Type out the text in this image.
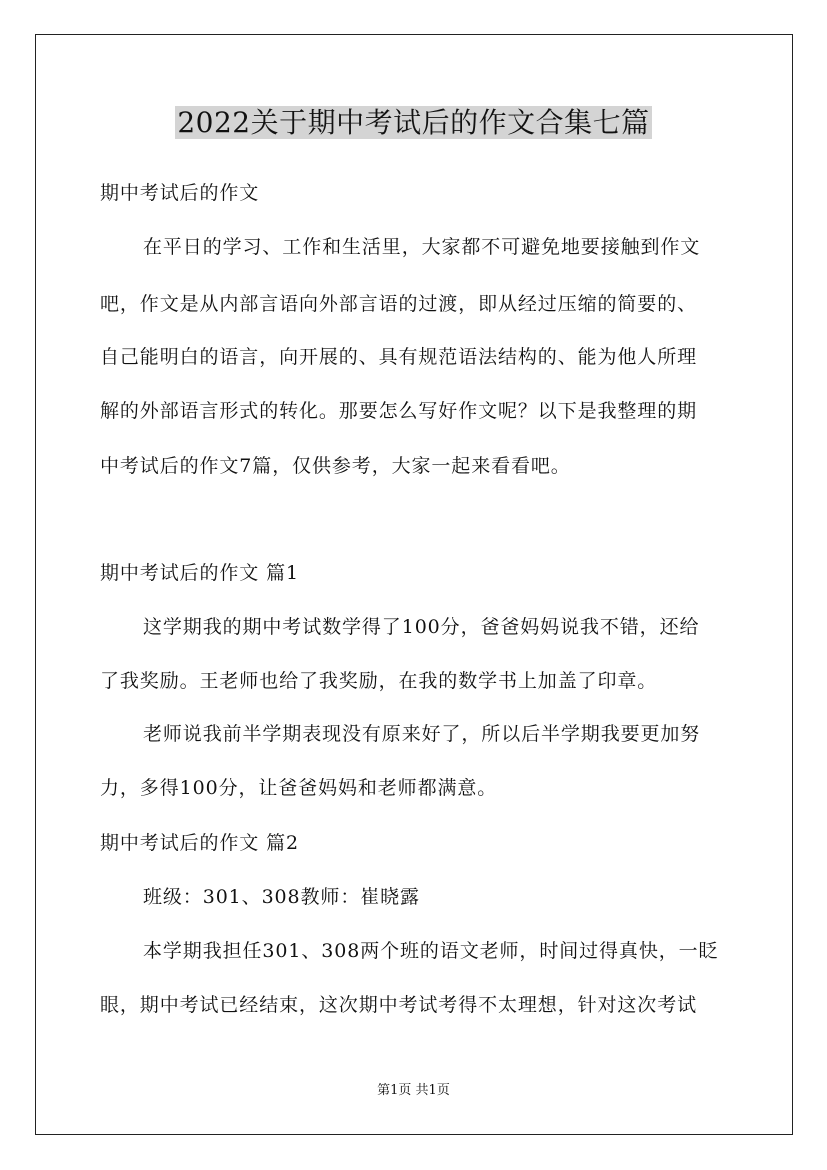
2022关于期中考试后的作文合集七篇

期中考试后的作文

在平日的学习、工作和生活里，大家都不可避免地要接触到作文

吧，作文是从内部言语向外部言语的过渡，即从经过压缩的简要的、

自己能明白的语言，向开展的、具有规范语法结构的、能为他人所理

解的外部语言形式的转化。那要怎么写好作文呢？以下是我整理的期

中考试后的作文7篇，仅供参考，大家一起来看看吧。

期中考试后的作文 篇1

这学期我的期中考试数学得了100分，爸爸妈妈说我不错，还给

了我奖励。王老师也给了我奖励，在我的数学书上加盖了印章。

老师说我前半学期表现没有原来好了，所以后半学期我要更加努

力，多得100分，让爸爸妈妈和老师都满意。

期中考试后的作文 篇2

班级：301、308教师：崔晓露

本学期我担任301、308两个班的语文老师，时间过得真快，一眨

眼，期中考试已经结束，这次期中考试考得不太理想，针对这次考试

第1页 共1页
